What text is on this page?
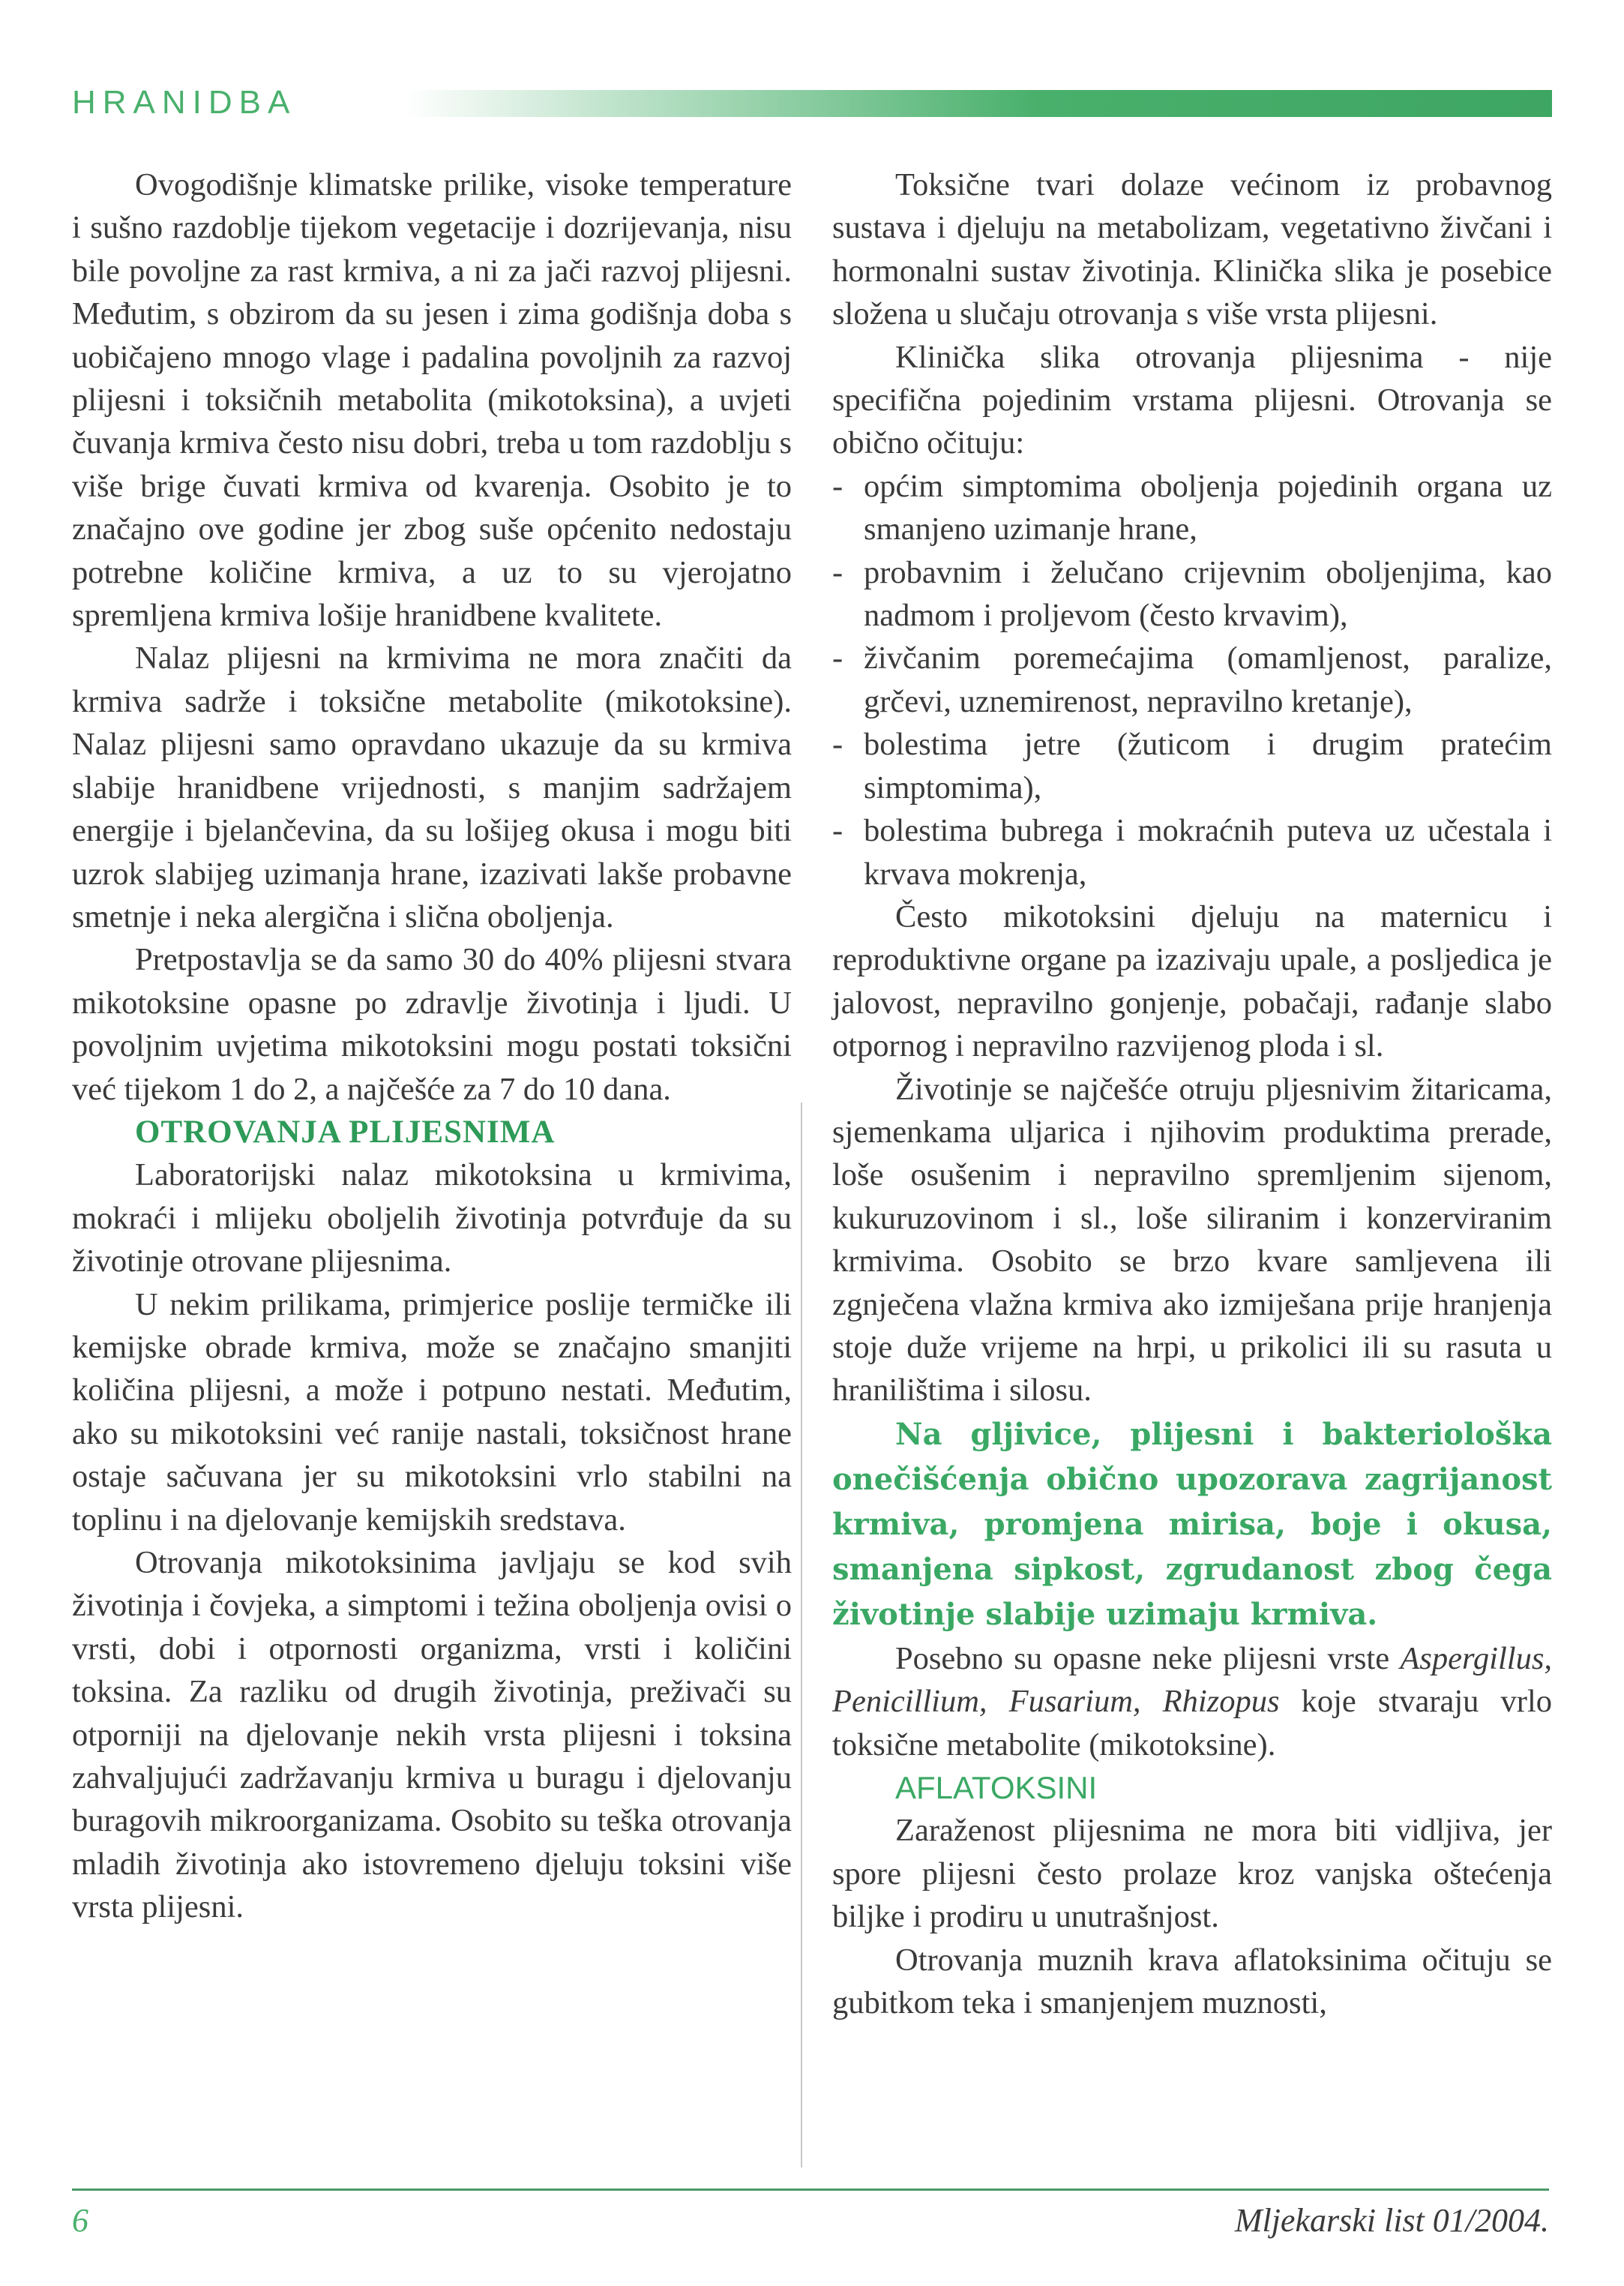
HRANIDBA

Ovogodišnje klimatske prilike, visoke temperature i sušno razdoblje tijekom vegetacije i dozrijevanja, nisu bile povoljne za rast krmiva, a ni za jači razvoj plijesni. Međutim, s obzirom da su jesen i zima godišnja doba s uobičajeno mnogo vlage i padalina povoljnih za razvoj plijesni i toksičnih metabolita (mikotoksina), a uvjeti čuvanja krmiva često nisu dobri, treba u tom razdoblju s više brige čuvati krmiva od kvarenja. Osobito je to značajno ove godine jer zbog suše općenito nedostaju potrebne količine krmiva, a uz to su vjerojatno spremljena krmiva lošije hranidbene kvalitete.

Nalaz plijesni na krmivima ne mora značiti da krmiva sadrže i toksične metabolite (mikotoksine). Nalaz plijesni samo opravdano ukazuje da su krmiva slabije hranidbene vrijednosti, s manjim sadržajem energije i bjelančevina, da su lošijeg okusa i mogu biti uzrok slabijeg uzimanja hrane, izazivati lakše probavne smetnje i neka alergična i slična oboljenja.

Pretpostavlja se da samo 30 do 40% plijesni stvara mikotoksine opasne po zdravlje životinja i ljudi. U povoljnim uvjetima mikotoksini mogu postati toksični već tijekom 1 do 2, a najčešće za 7 do 10 dana.

OTROVANJA PLIJESNIMA

Laboratorijski nalaz mikotoksina u krmivima, mokraći i mlijeku oboljelih životinja potvrđuje da su životinje otrovane plijesnima.

U nekim prilikama, primjerice poslije termičke ili kemijske obrade krmiva, može se značajno smanjiti količina plijesni, a može i potpuno nestati. Međutim, ako su mikotoksini već ranije nastali, toksičnost hrane ostaje sačuvana jer su mikotoksini vrlo stabilni na toplinu i na djelovanje kemijskih sredstava.

Otrovanja mikotoksinima javljaju se kod svih životinja i čovjeka, a simptomi i težina oboljenja ovisi o vrsti, dobi i otpornosti organizma, vrsti i količini toksina. Za razliku od drugih životinja, preživači su otporniji na djelovanje nekih vrsta plijesni i toksina zahvaljujući zadržavanju krmiva u buragu i djelovanju buragovih mikroorganizama. Osobito su teška otrovanja mladih životinja ako istovremeno djeluju toksini više vrsta plijesni.

Toksične tvari dolaze većinom iz probavnog sustava i djeluju na metabolizam, vegetativno živčani i hormonalni sustav životinja. Klinička slika je posebice složena u slučaju otrovanja s više vrsta plijesni.

Klinička slika otrovanja plijesnima - nije specifična pojedinim vrstama plijesni. Otrovanja se obično očituju:

- općim simptomima oboljenja pojedinih organa uz smanjeno uzimanje hrane,
- probavnim i želučano crijevnim oboljenjima, kao nadmom i proljevom (često krvavim),
- živčanim poremećajima (omamljenost, paralize, grčevi, uznemirenost, nepravilno kretanje),
- bolestima jetre (žuticom i drugim pratećim simptomima),
- bolestima bubrega i mokraćnih puteva uz učestala i krvava mokrenja,

Često mikotoksini djeluju na maternicu i reproduktivne organe pa izazivaju upale, a posljedica je jalovost, nepravilno gonjenje, pobačaji, rađanje slabo otpornog i nepravilno razvijenog ploda i sl.

Životinje se najčešće otruju pljesnivim žitaricama, sjemenkama uljarica i njihovim produktima prerade, loše osušenim i nepravilno spremljenim sijenom, kukuruzovinom i sl., loše siliranim i konzerviranim krmivima. Osobito se brzo kvare samljevena ili zgnječena vlažna krmiva ako izmiješana prije hranjenja stoje duže vrijeme na hrpi, u prikolici ili su rasuta u hranilištima i silosu.

Na gljivice, plijesni i bakteriološka onečišćenja obično upozorava zagrijanost krmiva, promjena mirisa, boje i okusa, smanjena sipkost, zgrudanost zbog čega životinje slabije uzimaju krmiva.

Posebno su opasne neke plijesni vrste Aspergillus, Penicillium, Fusarium, Rhizopus koje stvaraju vrlo toksične metabolite (mikotoksine).

AFLATOKSINI

Zaraženost plijesnima ne mora biti vidljiva, jer spore plijesni često prolaze kroz vanjska oštećenja biljke i prodiru u unutrašnjost.

Otrovanja muznih krava aflatoksinima očituju se gubitkom teka i smanjenjem muznosti,

6	Mljekarski list 01/2004.
